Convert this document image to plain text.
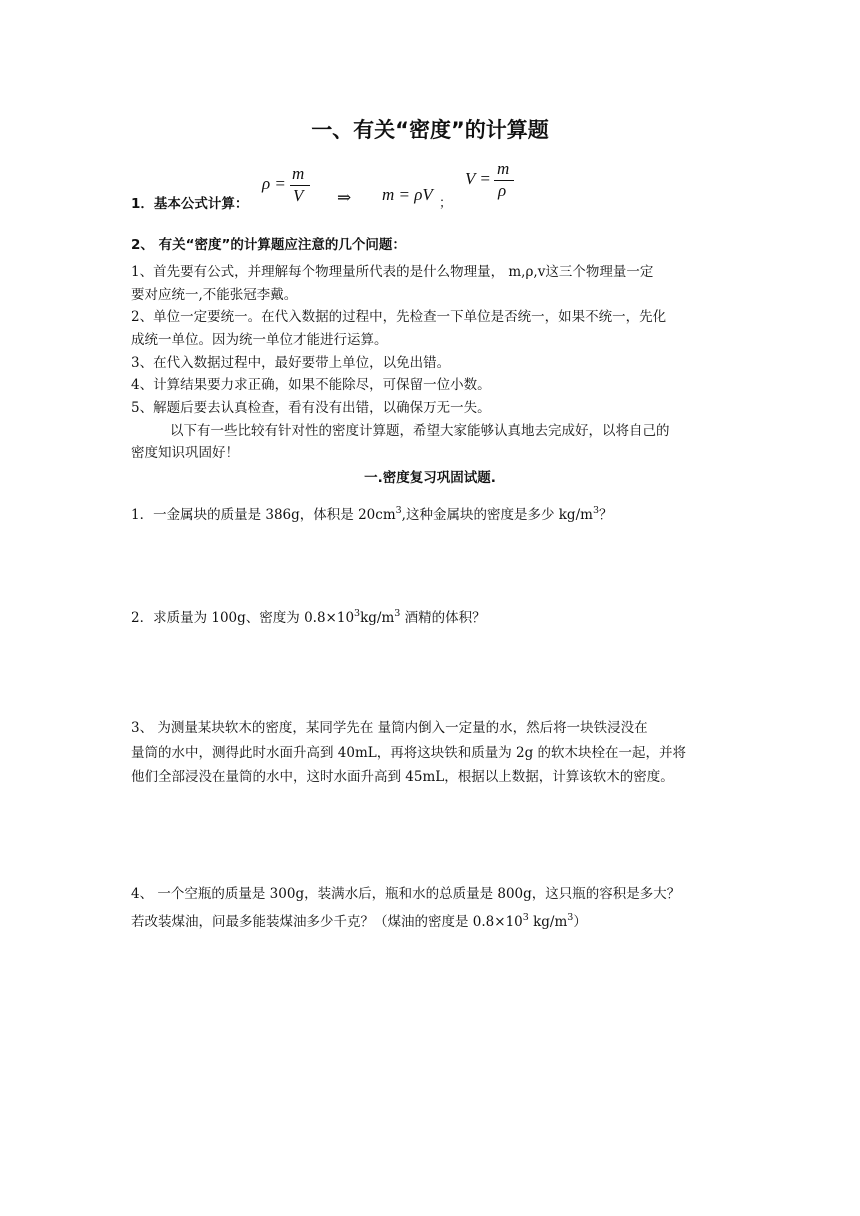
一、有关“密度”的计算题
1．基本公式计算：
ρ =
m
V ⇒ m = ρV ；
V =
m
ρ
2、 有关“密度”的计算题应注意的几个问题：
1、首先要有公式，并理解每个物理量所代表的是什么物理量， m,ρ,v这三个物理量一定
要对应统一,不能张冠李戴。
2、单位一定要统一。在代入数据的过程中，先检查一下单位是否统一，如果不统一，先化
成统一单位。因为统一单位才能进行运算。
3、在代入数据过程中，最好要带上单位，以免出错。
4、计算结果要力求正确，如果不能除尽，可保留一位小数。
5、解题后要去认真检查，看有没有出错，以确保万无一失。
以下有一些比较有针对性的密度计算题，希望大家能够认真地去完成好，以将自己的
密度知识巩固好！
一.密度复习巩固试题.
1．一金属块的质量是 386g，体积是 $20cm^3$,这种金属块的密度是多少 $kg/m^3$？
2．求质量为 100g、密度为 $0.8\times 10^3kg/m^3$ 酒精的体积？
3、 为测量某块软木的密度，某同学先在 量筒内倒入一定量的水，然后将一块铁浸没在
量筒的水中，测得此时水面升高到 40mL，再将这块铁和质量为 2g 的软木块栓在一起，并将
他们全部浸没在量筒的水中，这时水面升高到 45mL，根据以上数据，计算该软木的密度。
4、 一个空瓶的质量是 300g，装满水后，瓶和水的总质量是 800g，这只瓶的容积是多大？
若改装煤油，问最多能装煤油多少千克？（煤油的密度是 $0.8\times 10^3$ $kg/m^3$）
